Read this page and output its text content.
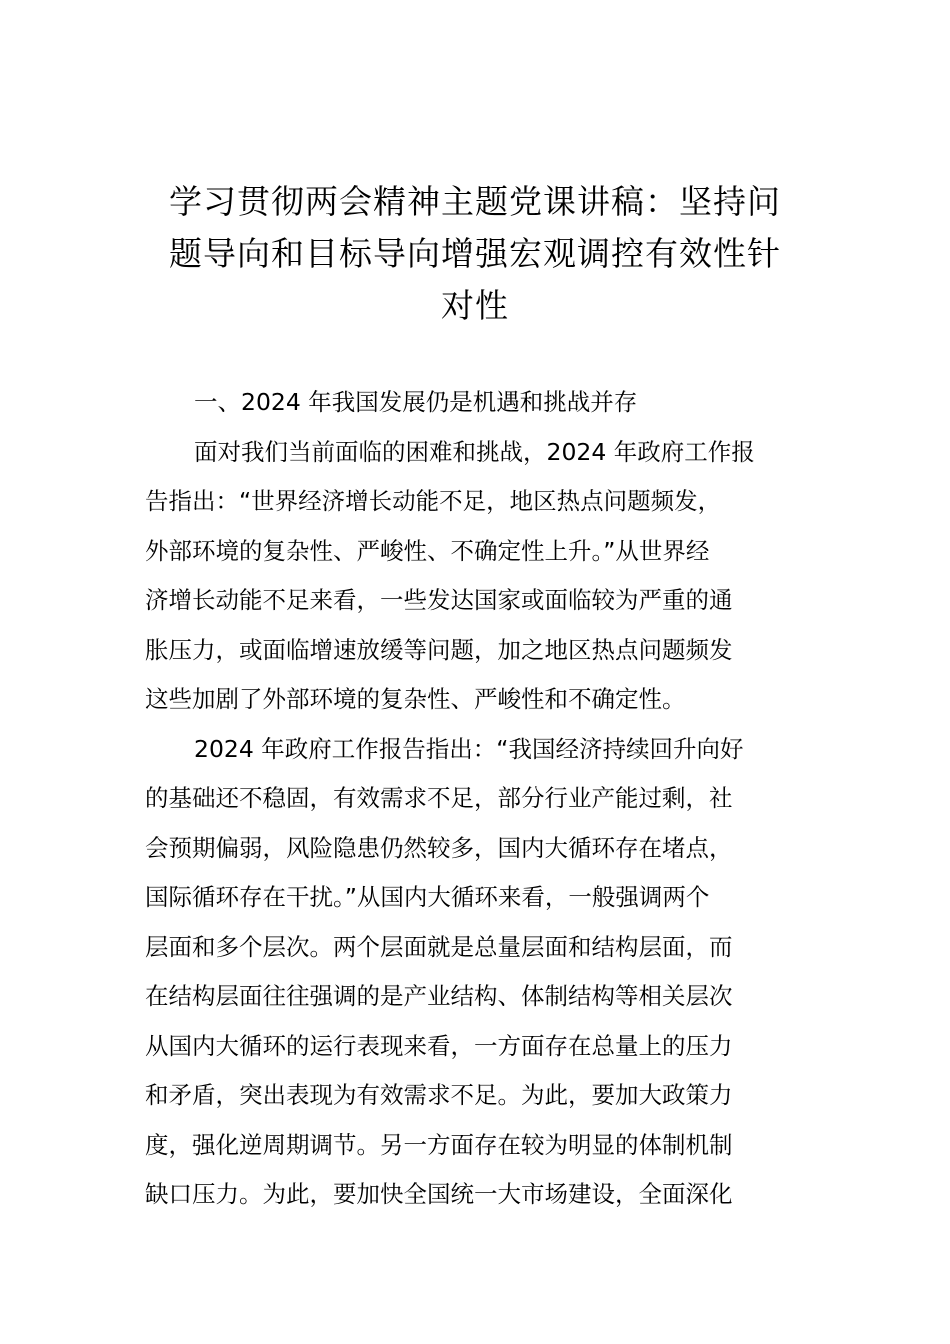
学习贯彻两会精神主题党课讲稿：坚持问
题导向和目标导向增强宏观调控有效性针
对性
一、2024 年我国发展仍是机遇和挑战并存
面对我们当前面临的困难和挑战，2024 年政府工作报
告指出：“世界经济增长动能不足，地区热点问题频发，
外部环境的复杂性、严峻性、不确定性上升。”从世界经
济增长动能不足来看，一些发达国家或面临较为严重的通
胀压力，或面临增速放缓等问题，加之地区热点问题频发
这些加剧了外部环境的复杂性、严峻性和不确定性。
2024 年政府工作报告指出：“我国经济持续回升向好
的基础还不稳固，有效需求不足，部分行业产能过剩，社
会预期偏弱，风险隐患仍然较多，国内大循环存在堵点，
国际循环存在干扰。”从国内大循环来看，一般强调两个
层面和多个层次。两个层面就是总量层面和结构层面，而
在结构层面往往强调的是产业结构、体制结构等相关层次
从国内大循环的运行表现来看，一方面存在总量上的压力
和矛盾，突出表现为有效需求不足。为此，要加大政策力
度，强化逆周期调节。另一方面存在较为明显的体制机制
缺口压力。为此，要加快全国统一大市场建设，全面深化
